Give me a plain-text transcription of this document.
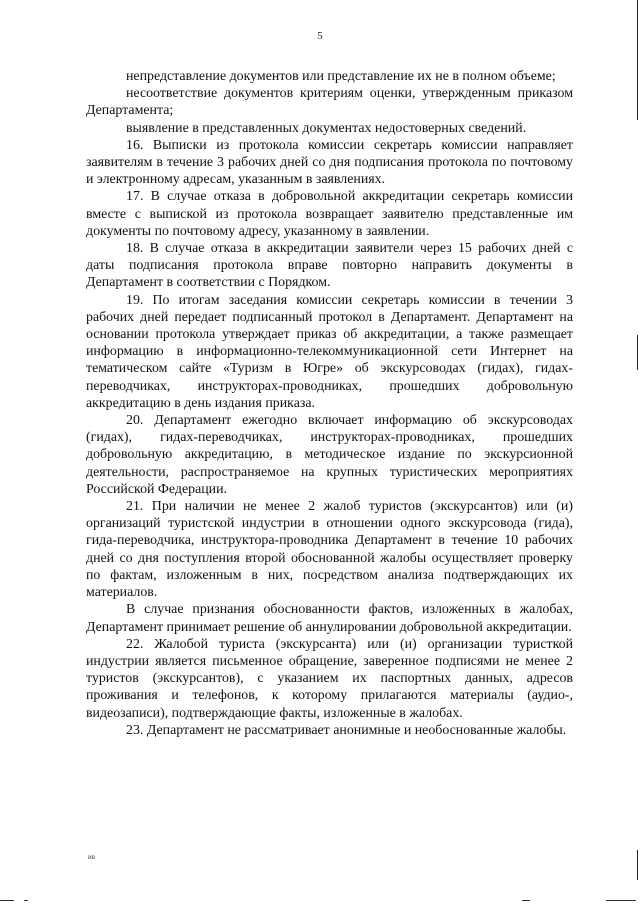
5

непредставление документов или представление их не в полном объеме;

несоответствие документов критериям оценки, утвержденным приказом Департамента;

выявление в представленных документах недостоверных сведений.

16. Выписки из протокола комиссии секретарь комиссии направляет заявителям в течение 3 рабочих дней со дня подписания протокола по почтовому и электронному адресам, указанным в заявлениях.

17. В случае отказа в добровольной аккредитации секретарь комиссии вместе с выпиской из протокола возвращает заявителю представленные им документы по почтовому адресу, указанному в заявлении.

18. В случае отказа в аккредитации заявители через 15 рабочих дней с даты подписания протокола вправе повторно направить документы в Департамент в соответствии с Порядком.

19. По итогам заседания комиссии секретарь комиссии в течении 3 рабочих дней передает подписанный протокол в Департамент. Департамент на основании протокола утверждает приказ об аккредитации, а также размещает информацию в информационно-телекоммуникационной сети Интернет на тематическом сайте «Туризм в Югре» об экскурсоводах (гидах), гидах-переводчиках, инструкторах-проводниках, прошедших добровольную аккредитацию в день издания приказа.

20. Департамент ежегодно включает информацию об экскурсоводах (гидах), гидах-переводчиках, инструкторах-проводниках, прошедших добровольную аккредитацию, в методическое издание по экскурсионной деятельности, распространяемое на крупных туристических мероприятиях Российской Федерации.

21. При наличии не менее 2 жалоб туристов (экскурсантов) или (и) организаций туристской индустрии в отношении одного экскурсовода (гида), гида-переводчика, инструктора-проводника Департамент в течение 10 рабочих дней со дня поступления второй обоснованной жалобы осуществляет проверку по фактам, изложенным в них, посредством анализа подтверждающих их материалов.

В случае признания обоснованности фактов, изложенных в жалобах, Департамент принимает решение об аннулировании добровольной аккредитации.

22. Жалобой туриста (экскурсанта) или (и) организации туристкой индустрии является письменное обращение, заверенное подписями не менее 2 туристов (экскурсантов), с указанием их паспортных данных, адресов проживания и телефонов, к которому прилагаются материалы (аудио-, видеозаписи), подтверждающие факты, изложенные в жалобах.

23. Департамент не рассматривает анонимные и необоснованные жалобы.

ив
